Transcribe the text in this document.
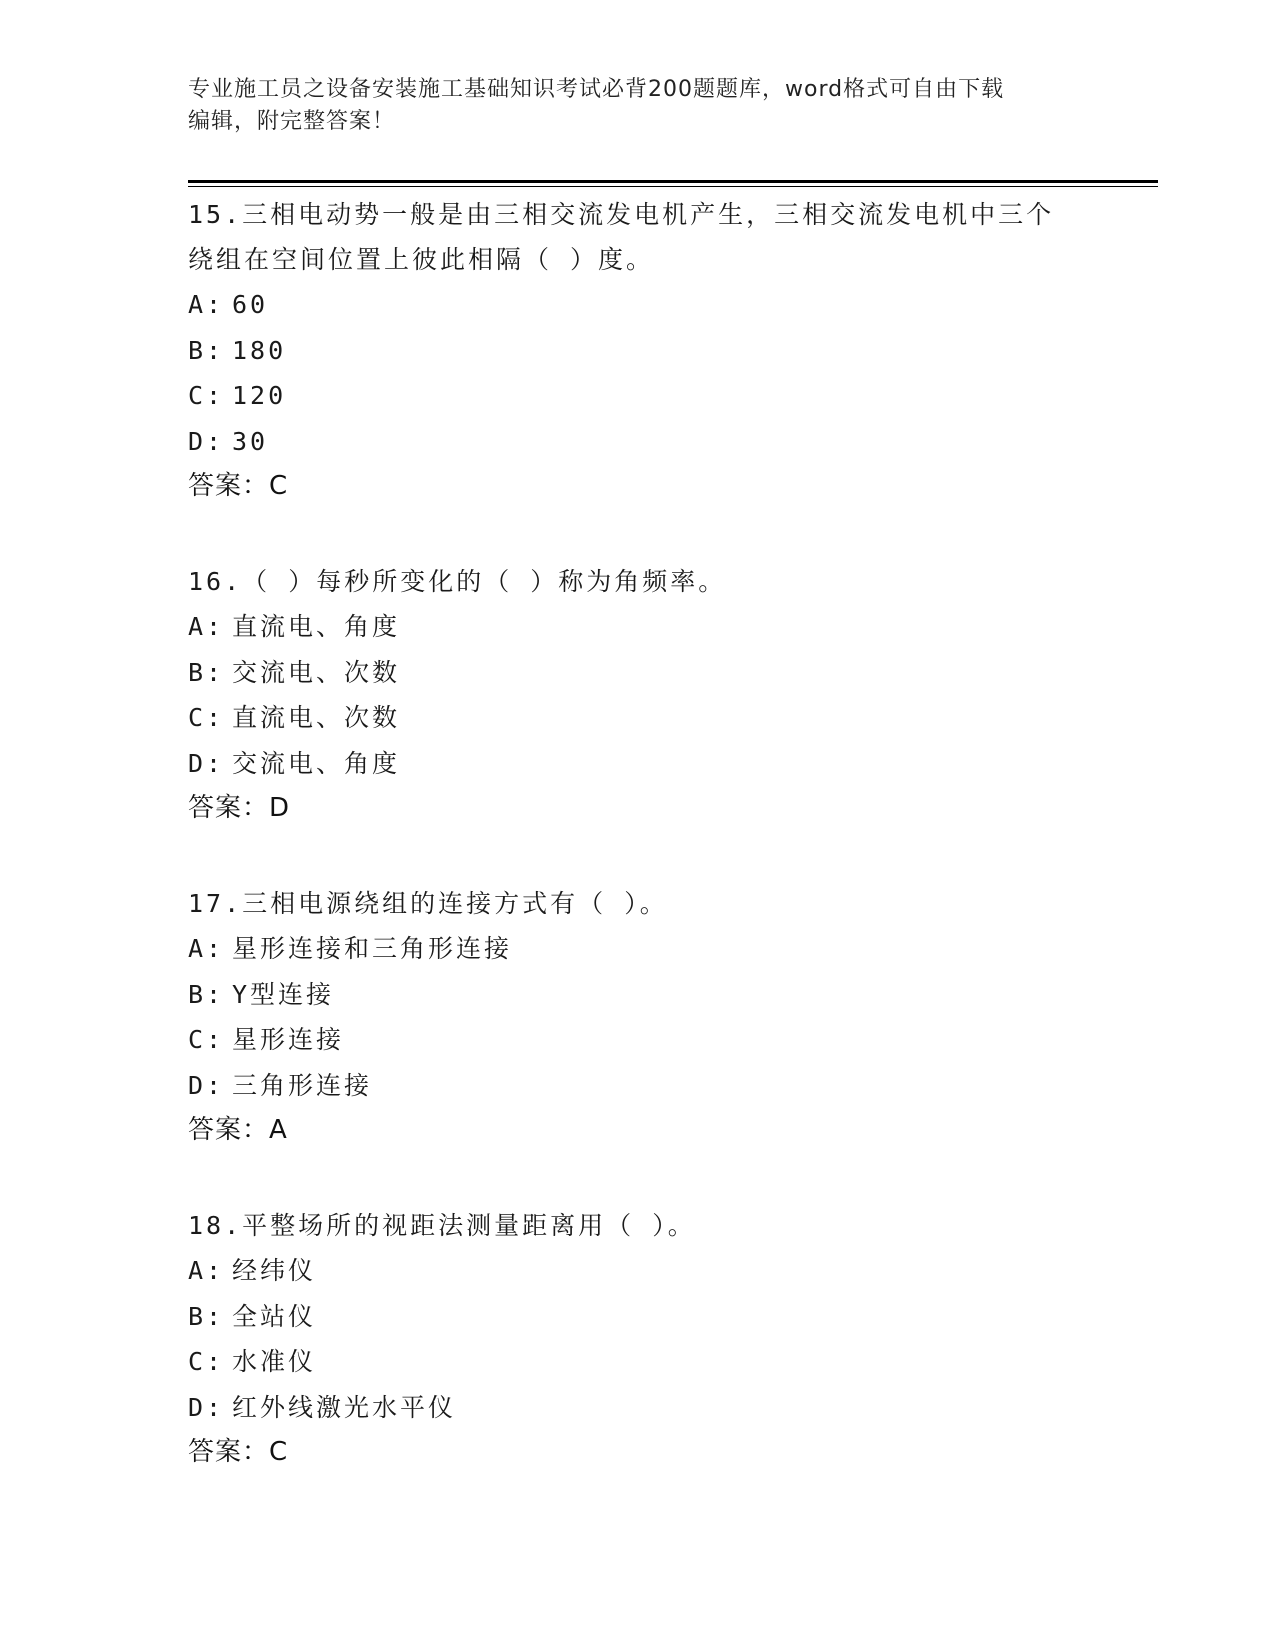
专业施工员之设备安装施工基础知识考试必背200题题库，word格式可自由下载
编辑，附完整答案！
15.三相电动势一般是由三相交流发电机产生，三相交流发电机中三个
绕组在空间位置上彼此相隔（ ）度。
A: 60
B: 180
C: 120
D: 30
答案：C
16.（ ）每秒所变化的（ ）称为角频率。
A: 直流电、角度
B: 交流电、次数
C: 直流电、次数
D: 交流电、角度
答案：D
17.三相电源绕组的连接方式有（ ）。
A: 星形连接和三角形连接
B: Y型连接
C: 星形连接
D: 三角形连接
答案：A
18.平整场所的视距法测量距离用（ ）。
A: 经纬仪
B: 全站仪
C: 水准仪
D: 红外线激光水平仪
答案：C
